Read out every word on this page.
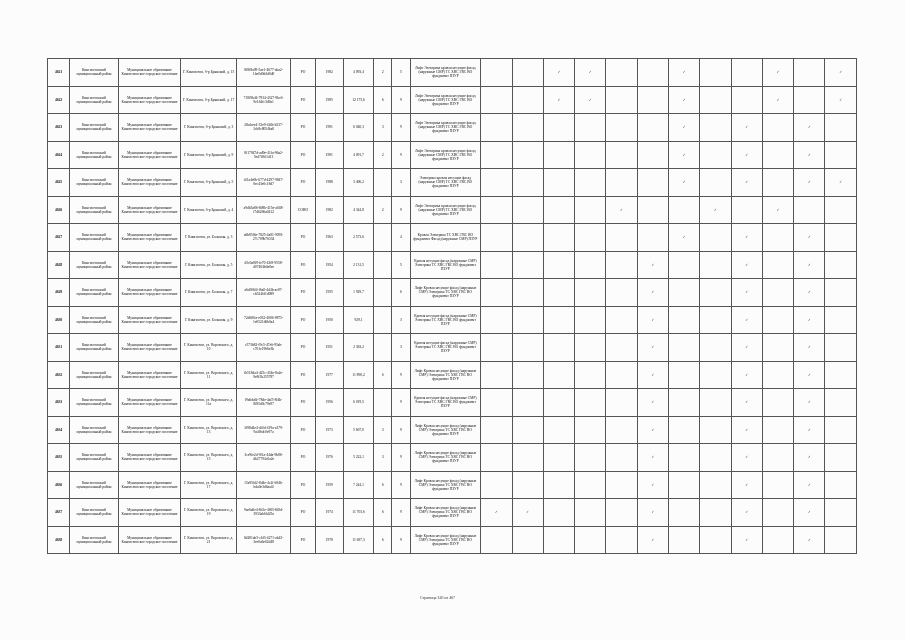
4621	Кингисеппский муниципальный район	Муниципальное образование Кингисеппское городское поселение	Г. Кингисепп, б-р Брянский, д. 15	8f8f8a09-5ae1-4677-aba2-1be0d0d4d0d0	РО	1982	4 093,4	2	5	Лифт Электрика кровля несущие фасад (наружные СМР) ТС ХВС ГВС ВО фундамент ПЗУР			✓	✓			✓			✓		✓
4622	Кингисеппский муниципальный район	Муниципальное образование Кингисеппское городское поселение	Г. Кингисепп, б-р Брянский, д. 17	718f9b44-7934-4327-9bc6-9e164fc3d9a1	РО	1985	12 175,6	6	9	Лифт Электрика кровля несущие фасад (наружные СМР) ТС ХВС ГВС ВО фундамент ПЗУР			✓	✓			✓			✓		✓
4623	Кингисеппский муниципальный район	Муниципальное образование Кингисеппское городское поселение	Г. Кингисепп, б-р Брянский, д. 3	2fbdcee4-33e9-4f4b-b537-3cb8c8054ba0	РО	1991	6 040,3	3	9	Лифт Электрика кровля несущие фасад (наружные СМР) ТС ХВС ГВС ВО фундамент ПЗУР							✓		✓		✓	
4624	Кингисеппский муниципальный район	Муниципальное образование Кингисеппское городское поселение	Г. Кингисепп, б-р Брянский, д. 9	8f17947d-ad9e-41fa-96a2-5ed7ff6f1d13	РО	1991	4 091,7	2	9	Лифт Электрика кровля несущие фасад (наружные СМР) ТС ХВС ГВС ВО фундамент ПЗУР							✓		✓		✓	
4625	Кингисеппский муниципальный район	Муниципальное образование Кингисеппское городское поселение	Г. Кингисепп, б-р Брянский, д. 5	4f1a4e0b-677d-4297-9847-0ec43e0c18d7	РО	1988	3 406,2		3	Электрика кровля несущие фасад (наружные СМР) ТС ХВС ГВС ВО фундамент ПЗУР							✓		✓		✓	✓
4626	Кингисеппский муниципальный район	Муниципальное образование Кингисеппское городское поселение	Г. Кингисепп, б-р Брянский, д. 4	a9db5a86-8d9b-415e-a048-f7d6266a0412	СОНО	1982	4 344,8	2	9	Лифт Электрика кровля несущие фасад (наружные СМР) ТС ХВС ГВС ВО фундамент ПЗУР					✓			✓		✓		
4627	Кингисеппский муниципальный район	Муниципальное образование Кингисеппское городское поселение	Г. Кингисепп, ул. Большая, д. 3	a6b85f6e-7825-4a81-9093-27c709b76334	РО	1963	2 573,6		4	Кровля Электрика ТС ХВС ГВС ВО фундамент Фасад (наружные СМР) ПЗУР							✓		✓		✓	
4628	Кингисеппский муниципальный район	Муниципальное образование Кингисеппское городское поселение	Г. Кингисепп, ул. Большая, д. 5	d5c0a8f9-fe70-43f8-9558-d07404b0a0ee	РО	1954	2 131,5		5	Кровля несущие фасад (наружные СМР) Электрика ТС ХВС ГВС ВО фундамент ПЗУР						✓			✓		✓	
4629	Кингисеппский муниципальный район	Муниципальное образование Кингисеппское городское поселение	Г. Кингисепп, ул. Большая, д. 7	a6d0f6f4-f6a0-4d4b-ae07-cb524fd1d089	РО	1955	1 929,7		6	Лифт Кровля несущие фасад (наружные СМР) Электрика ТС ХВС ГВС ВО фундамент ПЗУР						✓			✓		✓	
4630	Кингисеппский муниципальный район	Муниципальное образование Кингисеппское городское поселение	Г. Кингисепп, ул. Большая, д. 9	72d6f0fa-e032-4006-9875-1e0521d6b0a4	РО	1950	929,1		3	Кровля несущие фасад (наружные СМР) Электрика ТС ХВС ГВС ВО фундамент ПЗУР						✓			✓		✓	
4631	Кингисеппский муниципальный район	Муниципальное образование Кингисеппское городское поселение	Г. Кингисепп, ул. Воровского, д. 10	c573b82-f9c5-47e6-95ab-c761e1966e3b	РО	1951	2 363,2		3	Кровля несущие фасад (наружные СМР) Электрика ТС ХВС ГВС ВО фундамент ПЗУР						✓			✓		✓	
4632	Кингисеппский муниципальный район	Муниципальное образование Кингисеппское городское поселение	Г. Кингисепп, ул. Воровского, д. 11	fb518da4-425c-434e-8a2e-9e8f1b255787	РО	1977	11 890,2	6	9	Лифт Кровля несущие фасад (наружные СМР) Электрика ТС ХВС ГВС ВО фундамент ПЗУР						✓			✓		✓	
4633	Кингисеппский муниципальный район	Муниципальное образование Кингисеппское городское поселение	Г. Кингисепп, ул. Воровского, д. 11а	f9a6da6f-78de-4af5-8f4b-8f85d0c79e97	РО	1956	6 019,5		9	Кровля несущие фасад (наружные СМР) Электрика ТС ХВС ГВС ВО фундамент ПЗУР						✓			✓		✓	
4634	Кингисеппский муниципальный район	Муниципальное образование Кингисеппское городское поселение	Г. Кингисепп, ул. Воровского, д. 13	3f98d4e4-d4fd-419a-a379-9a4f6dc0e97a	РО	1973	5 607,0	3	9	Лифт Кровля несущие фасад (наружные СМР) Электрика ТС ХВС ГВС ВО фундамент ПЗУР						✓			✓		✓	
4635	Кингисеппский муниципальный район	Муниципальное образование Кингисеппское городское поселение	Г. Кингисепп, ул. Воровского, д. 15	3ce9fe2d-9f1a-44da-9b86-db27794c0a2e	РО	1976	5 222,1	3	9	Лифт Кровля несущие фасад (наружные СМР) Электрика ТС ХВС ГВС ВО фундамент ПЗУР						✓			✓		✓	
4636	Кингисеппский муниципальный район	Муниципальное образование Кингисеппское городское поселение	Г. Кингисепп, ул. Воровского, д. 17	15a95fd2-8d4e-4c2f-b94b-bda0e3d6aa4f	РО	1959	7 244,1	6	9	Лифт Кровля несущие фасад (наружные СМР) Электрика ТС ХВС ГВС ВО фундамент ПЗУР						✓			✓		✓	
4637	Кингисеппский муниципальный район	Муниципальное образование Кингисеппское городское поселение	Г. Кингисепп, ул. Воровского, д. 19	9ae6a0e4-8d1e-4f83-8d5d-3933ab6fd25a	РО	1974	11 703,6	6	9	Лифт Кровля несущие фасад (наружные СМР) Электрика ТС ХВС ГВС ВО фундамент ПЗУР	✓	✓				✓			✓		✓	
4638	Кингисеппский муниципальный район	Муниципальное образование Кингисеппское городское поселение	Г. Кингисепп, ул. Воровского, д. 21	0d281ab5-c6f3-4271-ab43-3ee0a6e02d48	РО	1978	11 697,3	6	9	Лифт Кровля несущие фасад (наружные СМР) Электрика ТС ХВС ГВС ВО фундамент ПЗУР						✓			✓		✓	
Страница 320 из 467
